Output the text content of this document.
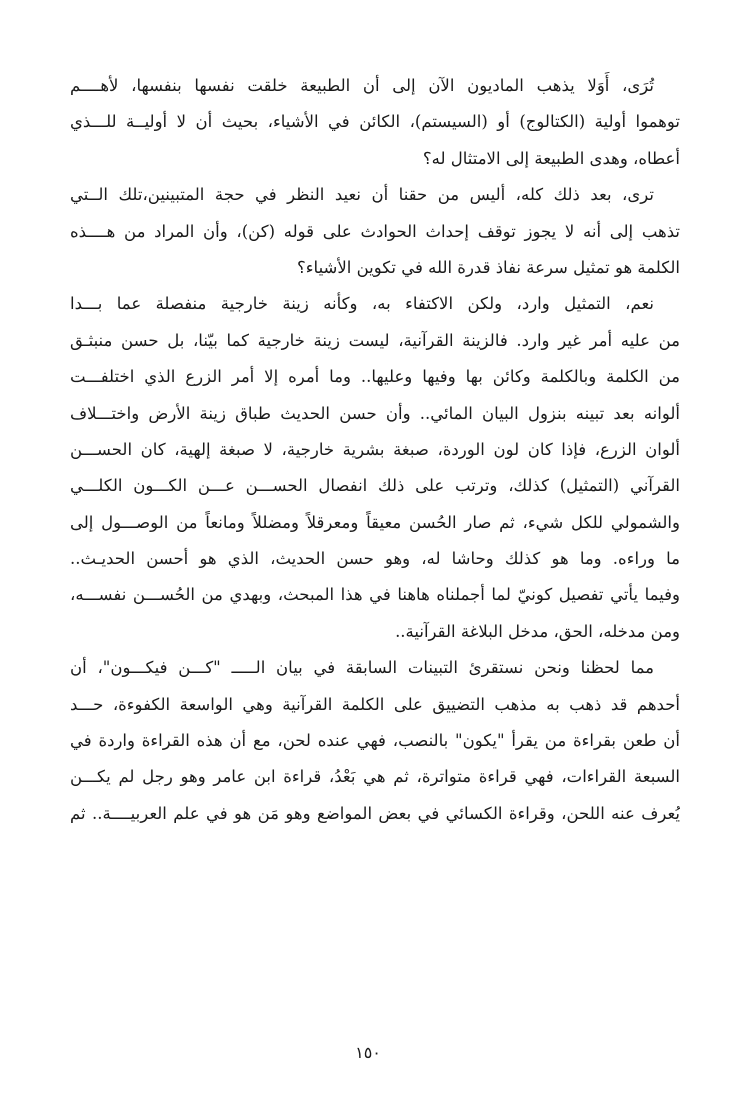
تُرَى، أَوَلا يذهب الماديون الآن إلى أن الطبيعة خلقت نفسها بنفسها، لأهــــم
توهموا أولية (الكتالوج) أو (السيستم)، الكائن في الأشياء، بحيث أن لا أوليــة للـــذي
أعطاه، وهدى الطبيعة إلى الامتثال له؟
ترى، بعد ذلك كله، أليس من حقنا أن نعيد النظر في حجة المتبينين،تلك الــتي
تذهب إلى أنه لا يجوز توقف إحداث الحوادث على قوله (كن)، وأن المراد من هــــذه
الكلمة هو تمثيل سرعة نفاذ قدرة الله في تكوين الأشياء؟
نعم، التمثيل وارد، ولكن الاكتفاء به، وكأنه زينة خارجية منفصلة عما بـــدا
من عليه أمر غير وارد. فالزينة القرآنية، ليست زينة خارجية كما بيّنا، بل حسن منبثـق
من الكلمة وبالكلمة وكائن بها وفيها وعليها.. وما أمره إلا أمر الزرع الذي اختلفـــت
ألوانه بعد تبينه بنزول البيان المائي.. وأن حسن الحديث طباق زينة الأرض واختـــلاف
ألوان الزرع، فإذا كان لون الوردة، صبغة بشرية خارجية، لا صبغة إلهية، كان الحســـن
القرآني (التمثيل) كذلك، وترتب على ذلك انفصال الحســـن عـــن الكـــون الكلـــي
والشمولي للكل شيء، ثم صار الحُسن معيقاً ومعرقلاً ومضللاً ومانعاً من الوصـــول إلى
ما وراءه. وما هو كذلك وحاشا له، وهو حسن الحديث، الذي هو أحسن الحديـث..
وفيما يأتي تفصيل كونيّ لما أجملناه هاهنا في هذا المبحث، وبهدي من الحُســـن نفســـه،
ومن مدخله، الحق، مدخل البلاغة القرآنية..
مما لحظنا ونحن نستقرئ التبينات السابقة في بيان الـــــ "كـــن فيكـــون"، أن
أحدهم قد ذهب به مذهب التضييق على الكلمة القرآنية وهي الواسعة الكفوءة، حـــد
أن طعن بقراءة من يقرأ "يكون" بالنصب، فهي عنده لحن، مع أن هذه القراءة واردة في
السبعة القراءات، فهي قراءة متواترة، ثم هي بَعْدُ، قراءة ابن عامر وهو رجل لم يكـــن
يُعرف عنه اللحن، وقراءة الكسائي في بعض المواضع وهو مَن هو في علم العربيــــة.. ثم
١٥٠
